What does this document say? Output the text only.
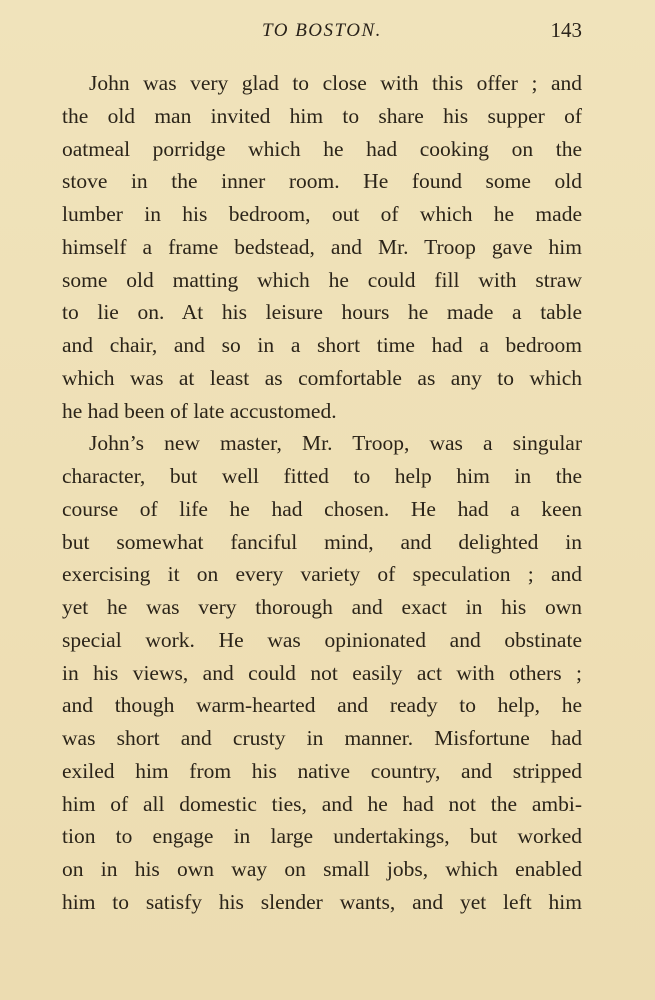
TO BOSTON.	143
John was very glad to close with this offer ; and
the old man invited him to share his supper of
oatmeal porridge which he had cooking on the
stove in the inner room. He found some old
lumber in his bedroom, out of which he made
himself a frame bedstead, and Mr. Troop gave him
some old matting which he could fill with straw
to lie on. At his leisure hours he made a table
and chair, and so in a short time had a bedroom
which was at least as comfortable as any to which
he had been of late accustomed.
John’s new master, Mr. Troop, was a singular
character, but well fitted to help him in the
course of life he had chosen. He had a keen
but somewhat fanciful mind, and delighted in
exercising it on every variety of speculation ; and
yet he was very thorough and exact in his own
special work. He was opinionated and obstinate
in his views, and could not easily act with others ;
and though warm-hearted and ready to help, he
was short and crusty in manner. Misfortune had
exiled him from his native country, and stripped
him of all domestic ties, and he had not the ambi-
tion to engage in large undertakings, but worked
on in his own way on small jobs, which enabled
him to satisfy his slender wants, and yet left him
